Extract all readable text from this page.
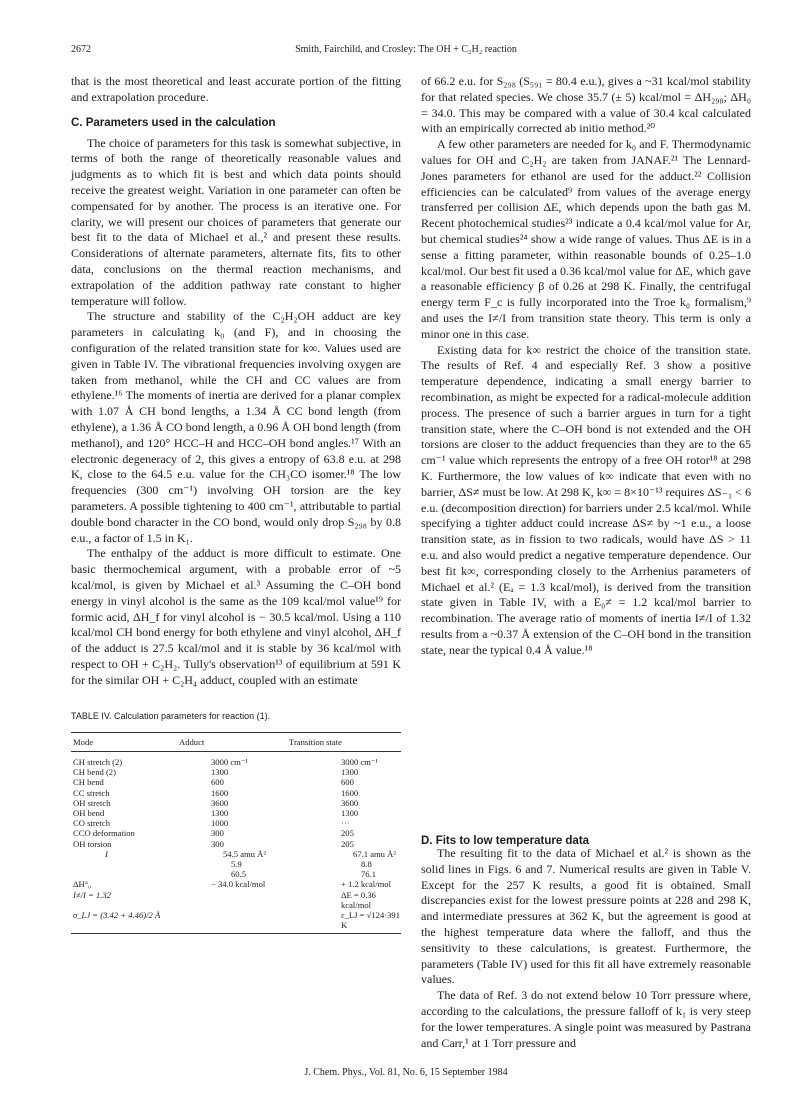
2672	Smith, Fairchild, and Crosley: The OH + C₂H₂ reaction

that is the most theoretical and least accurate portion of the fitting and extrapolation procedure.

C. Parameters used in the calculation

The choice of parameters for this task is somewhat subjective, in terms of both the range of theoretically reasonable values and judgments as to which fit is best and which data points should receive the greatest weight. Variation in one parameter can often be compensated for by another. The process is an iterative one. For clarity, we will present our choices of parameters that generate our best fit to the data of Michael et al.,² and present these results. Considerations of alternate parameters, alternate fits, fits to other data, conclusions on the thermal reaction mechanisms, and extrapolation of the addition pathway rate constant to higher temperature will follow.

The structure and stability of the C₂H₂OH adduct are key parameters in calculating k₀ (and F), and in choosing the configuration of the related transition state for k∞. Values used are given in Table IV. The vibrational frequencies involving oxygen are taken from methanol, while the CH and CC values are from ethylene.¹⁶ The moments of inertia are derived for a planar complex with 1.07 Å CH bond lengths, a 1.34 Å CC bond length (from ethylene), a 1.36 Å CO bond length, a 0.96 Å OH bond length (from methanol), and 120° HCC–H and HCC–OH bond angles.¹⁷ With an electronic degeneracy of 2, this gives a entropy of 63.8 e.u. at 298 K, close to the 64.5 e.u. value for the CH₃CO isomer.¹⁸ The low frequencies (300 cm⁻¹) involving OH torsion are the key parameters. A possible tightening to 400 cm⁻¹, attributable to partial double bond character in the CO bond, would only drop S₂₉₈ by 0.8 e.u., a factor of 1.5 in K₁.

The enthalpy of the adduct is more difficult to estimate. One basic thermochemical argument, with a probable error of ~5 kcal/mol, is given by Michael et al.³ Assuming the C–OH bond energy in vinyl alcohol is the same as the 109 kcal/mol value¹⁹ for formic acid, ΔH_f for vinyl alcohol is − 30.5 kcal/mol. Using a 110 kcal/mol CH bond energy for both ethylene and vinyl alcohol, ΔH_f of the adduct is 27.5 kcal/mol and it is stable by 36 kcal/mol with respect to OH + C₂H₂. Tully's observation¹³ of equilibrium at 591 K for the similar OH + C₂H₄ adduct, coupled with an estimate

of 66.2 e.u. for S₂₉₈ (S₅₉₁ = 80.4 e.u.), gives a ~31 kcal/mol stability for that related species. We chose 35.7 (± 5) kcal/mol = ΔH₂₉₈; ΔH₀ = 34.0. This may be compared with a value of 30.4 kcal calculated with an empirically corrected ab initio method.²⁰

A few other parameters are needed for k₀ and F. Thermodynamic values for OH and C₂H₂ are taken from JANAF.²¹ The Lennard-Jones parameters for ethanol are used for the adduct.²² Collision efficiencies can be calculated⁹ from values of the average energy transferred per collision ΔE, which depends upon the bath gas M. Recent photochemical studies²³ indicate a 0.4 kcal/mol value for Ar, but chemical studies²⁴ show a wide range of values. Thus ΔE is in a sense a fitting parameter, within reasonable bounds of 0.25–1.0 kcal/mol. Our best fit used a 0.36 kcal/mol value for ΔE, which gave a reasonable efficiency β of 0.26 at 298 K. Finally, the centrifugal energy term F_c is fully incorporated into the Troe k₀ formalism,⁹ and uses the I≠/I from transition state theory. This term is only a minor one in this case.

Existing data for k∞ restrict the choice of the transition state. The results of Ref. 4 and especially Ref. 3 show a positive temperature dependence, indicating a small energy barrier to recombination, as might be expected for a radical-molecule addition process. The presence of such a barrier argues in turn for a tight transition state, where the C–OH bond is not extended and the OH torsions are closer to the adduct frequencies than they are to the 65 cm⁻¹ value which represents the entropy of a free OH rotor¹⁸ at 298 K. Furthermore, the low values of k∞ indicate that even with no barrier, ΔS≠ must be low. At 298 K, k∞ = 8×10⁻¹³ requires ΔS₋₁ < 6 e.u. (decomposition direction) for barriers under 2.5 kcal/mol. While specifying a tighter adduct could increase ΔS≠ by ~1 e.u., a loose transition state, as in fission to two radicals, would have ΔS > 11 e.u. and also would predict a negative temperature dependence. Our best fit k∞, corresponding closely to the Arrhenius parameters of Michael et al.² (Eₐ = 1.3 kcal/mol), is derived from the transition state given in Table IV, with a E₀≠ = 1.2 kcal/mol barrier to recombination. The average ratio of moments of inertia I≠/I of 1.32 results from a ~0.37 Å extension of the C–OH bond in the transition state, near the typical 0.4 Å value.¹⁸

TABLE IV. Calculation parameters for reaction (1).
Mode	Adduct	Transition state
CH stretch (2)	3000 cm⁻¹	3000 cm⁻¹
CH bend (2)	1300	1300
CH bend	600	600
CC stretch	1600	1600
OH stretch	3600	3600
OH bend	1300	1300
CO stretch	1000	···
CCO deformation	300	205
OH torsion	300	205
I	54.5 amu Å²	67.1 amu Å²
	5.9	8.8
	60.5	76.1
ΔH°₀	− 34.0 kcal/mol	+ 1.2 kcal/mol
I≠/I = 1.32		ΔE = 0.36 kcal/mol
σ_LJ = (3.42 + 4.46)/2 Å		ε_LJ = √124·391 K
D. Fits to low temperature data

The resulting fit to the data of Michael et al.² is shown as the solid lines in Figs. 6 and 7. Numerical results are given in Table V. Except for the 257 K results, a good fit is obtained. Small discrepancies exist for the lowest pressure points at 228 and 298 K, and intermediate pressures at 362 K, but the agreement is good at the highest temperature data where the falloff, and thus the sensitivity to these calculations, is greatest. Furthermore, the parameters (Table IV) used for this fit all have extremely reasonable values.

The data of Ref. 3 do not extend below 10 Torr pressure where, according to the calculations, the pressure falloff of k₁ is very steep for the lower temperatures. A single point was measured by Pastrana and Carr,¹ at 1 Torr pressure and

J. Chem. Phys., Vol. 81, No. 6, 15 September 1984
